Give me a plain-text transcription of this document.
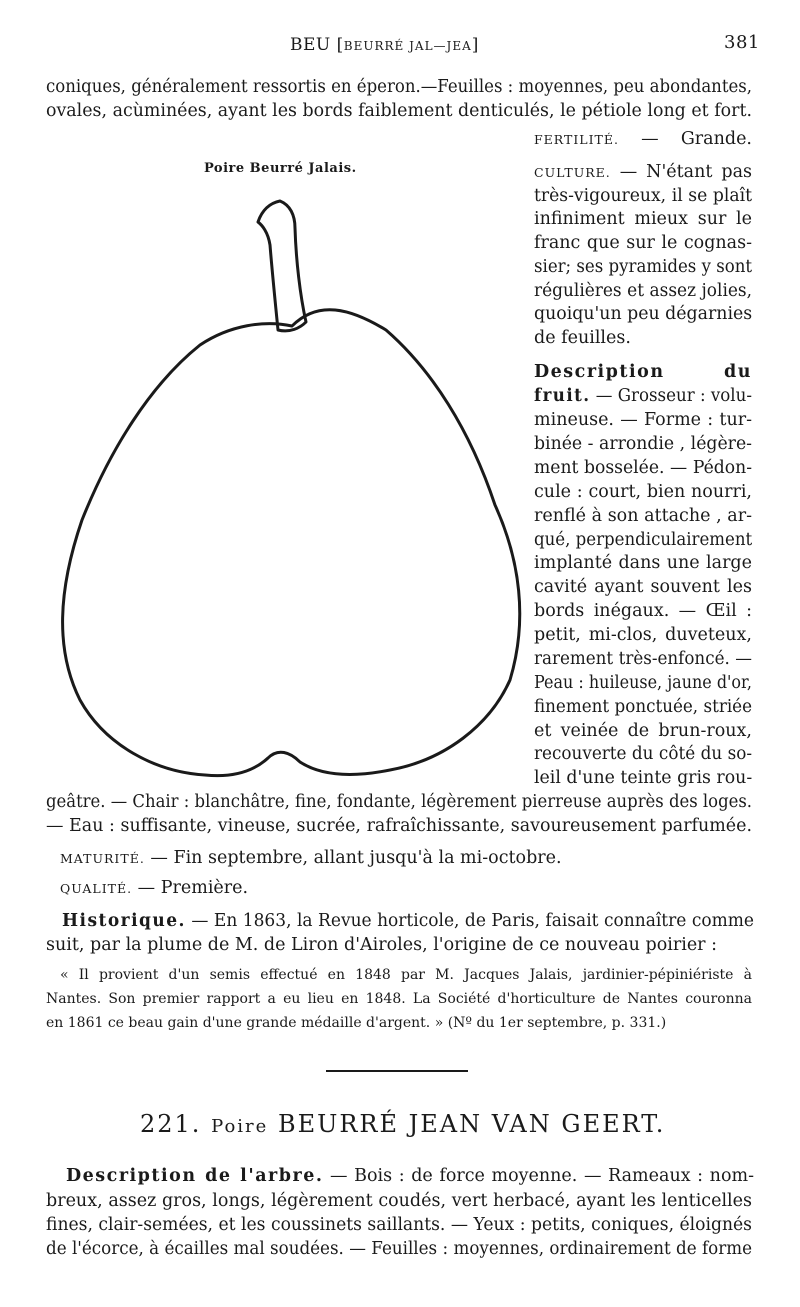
BEU [BEURRÉ JAL—JEA]	381
coniques, généralement ressortis en éperon.—Feuilles : moyennes, peu abondantes,
ovales, acùminées, ayant les bords faiblement denticulés, le pétiole long et fort.
Poire Beurré Jalais.
FERTILITÉ. — Grande.
CULTURE. — N'étant pas
très-vigoureux, il se plaît
infiniment mieux sur le
franc que sur le cognas-
sier; ses pyramides y sont
régulières et assez jolies,
quoiqu'un peu dégarnies
de feuilles.
Description du
fruit. — Grosseur : volu-
mineuse. — Forme : tur-
binée - arrondie , légère-
ment bosselée. — Pédon-
cule : court, bien nourri,
renflé à son attache , ar-
qué, perpendiculairement
implanté dans une large
cavité ayant souvent les
bords inégaux. — Œil :
petit, mi-clos, duveteux,
rarement très-enfoncé. —
Peau : huileuse, jaune d'or,
finement ponctuée, striée
et veinée de brun-roux,
recouverte du côté du so-
leil d'une teinte gris rou-
geâtre. — Chair : blanchâtre, fine, fondante, légèrement pierreuse auprès des loges.
— Eau : suffisante, vineuse, sucrée, rafraîchissante, savoureusement parfumée.
MATURITÉ. — Fin septembre, allant jusqu'à la mi-octobre.
QUALITÉ. — Première.
Historique. — En 1863, la Revue horticole, de Paris, faisait connaître comme
suit, par la plume de M. de Liron d'Airoles, l'origine de ce nouveau poirier :
« Il provient d'un semis effectué en 1848 par M. Jacques Jalais, jardinier-pépiniériste à
Nantes. Son premier rapport a eu lieu en 1848. La Société d'horticulture de Nantes couronna
en 1861 ce beau gain d'une grande médaille d'argent. » (Nº du 1er septembre, p. 331.)
221. Poire BEURRÉ JEAN VAN GEERT.
Description de l'arbre. — Bois : de force moyenne. — Rameaux : nom-
breux, assez gros, longs, légèrement coudés, vert herbacé, ayant les lenticelles
fines, clair-semées, et les coussinets saillants. — Yeux : petits, coniques, éloignés
de l'écorce, à écailles mal soudées. — Feuilles : moyennes, ordinairement de forme
